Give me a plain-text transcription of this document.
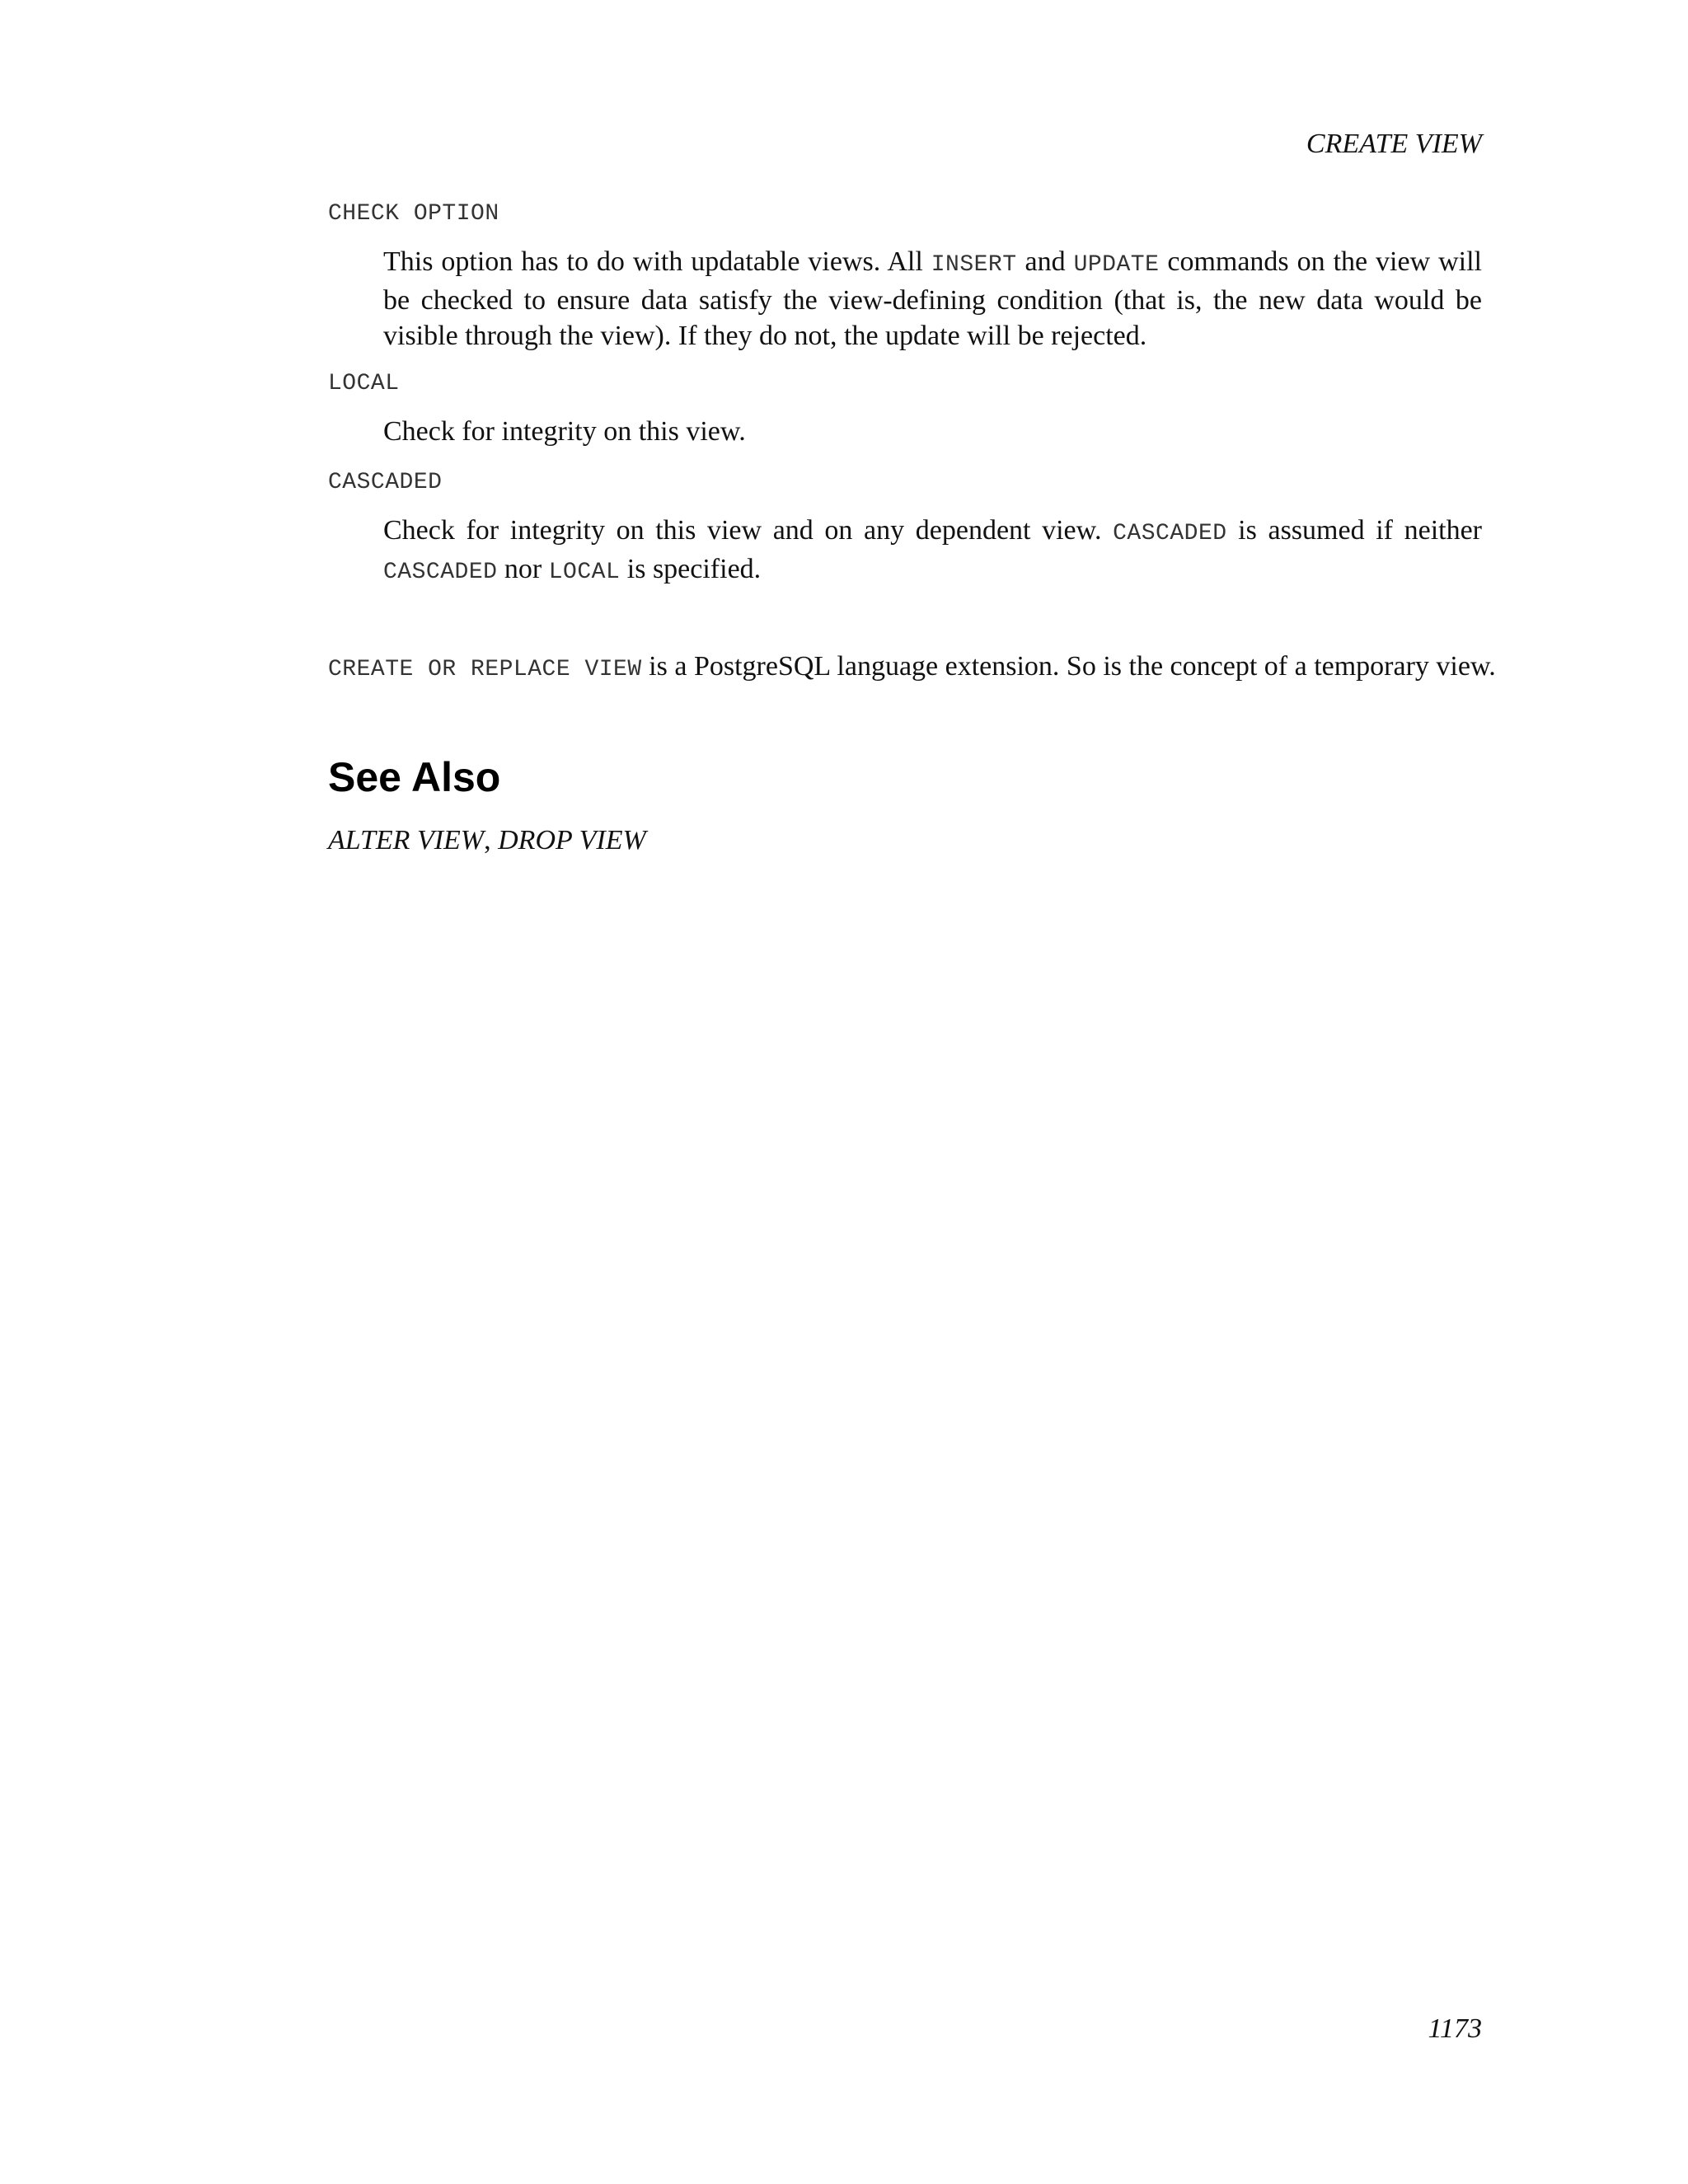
CREATE VIEW
CHECK OPTION
This option has to do with updatable views. All INSERT and UPDATE commands on the view will be checked to ensure data satisfy the view-defining condition (that is, the new data would be visible through the view). If they do not, the update will be rejected.
LOCAL
Check for integrity on this view.
CASCADED
Check for integrity on this view and on any dependent view. CASCADED is assumed if neither CASCADED nor LOCAL is specified.
CREATE OR REPLACE VIEW is a PostgreSQL language extension. So is the concept of a temporary view.
See Also
ALTER VIEW, DROP VIEW
1173
